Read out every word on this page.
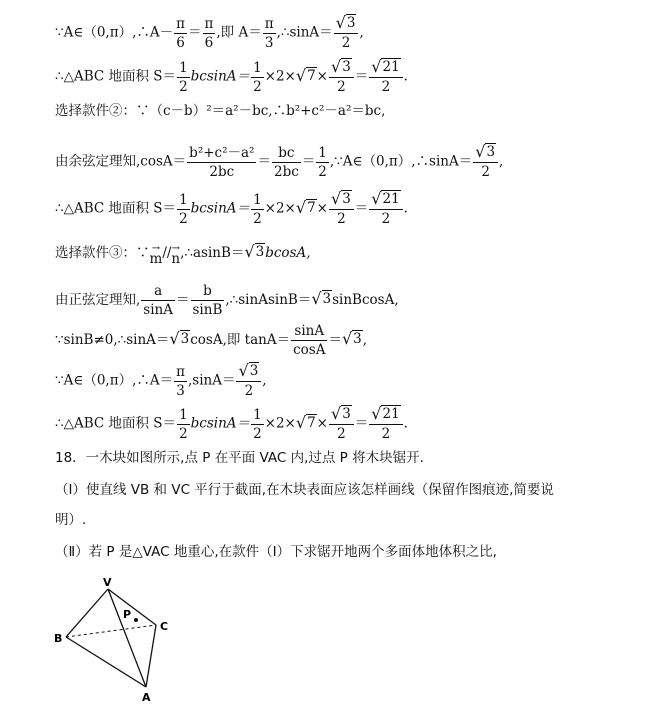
∵A∈（0,π）,∴A－ $\frac{\pi}{6} = \frac{\pi}{6}$ ,即 $A= \frac{\pi}{3}$ ,∴sinA＝ $\frac{√ 3}{2}$ ,
∴△ABC 地面积 $S= \frac{1}{2} bcsinA= \frac{1}{2} \times 2\times$ √ $7 \times \frac{√ 3}{2} = \frac{√ 21}{2}$ .
选择款件②：∵（c－b）²＝a²－bc,∴b²+c²－a²＝bc,
由余弦定理知$,\cos A= \frac{\text{b²+c²－a²}}{2bc} = \frac{bc}{2bc} = \frac{1}{2}$ ,∵A∈（0,π）,∴sinA＝ $\frac{√ 3}{2}$ ,
∴△ABC 地面积 $S= \frac{1}{2} bcsinA= \frac{1}{2} \times 2\times$ √ $7 \times \frac{√ 3}{2} = \frac{√ 21}{2}$ .
选择款件③：∵ →
m // →
n ,∴asinB＝ √ 3 bcosA,
由正弦定理知, $\frac{a}{\sin A} = \frac{b}{\sin B}$ ,∴sinAsinB＝ √ 3 sinBcosA,
∵sinB≠0,∴sinA＝ √ 3 cosA,即 $\tan A= \frac{\sin A}{\cos A}$ ＝ √ 3 ,
∵A∈（0,π）,∴A＝ $\frac{\pi}{3} ,\sin A= \frac{√ 3}{2}$ ,
∴△ABC 地面积 $S= \frac{1}{2} bcsinA= \frac{1}{2} \times 2\times$ √ $7 \times \frac{√ 3}{2} = \frac{√ 21}{2}$ .
18．一木块如图所示,点 P 在平面 VAC 内,过点 P 将木块锯开.
（Ⅰ）使直线 VB 和 VC 平行于截面,在木块表面应该怎样画线（保留作图痕迹,简要说
明）.
（Ⅱ）若 P 是△VAC 地重心,在款件（Ⅰ）下求锯开地两个多面体地体积之比,
V
B
C
A
P
